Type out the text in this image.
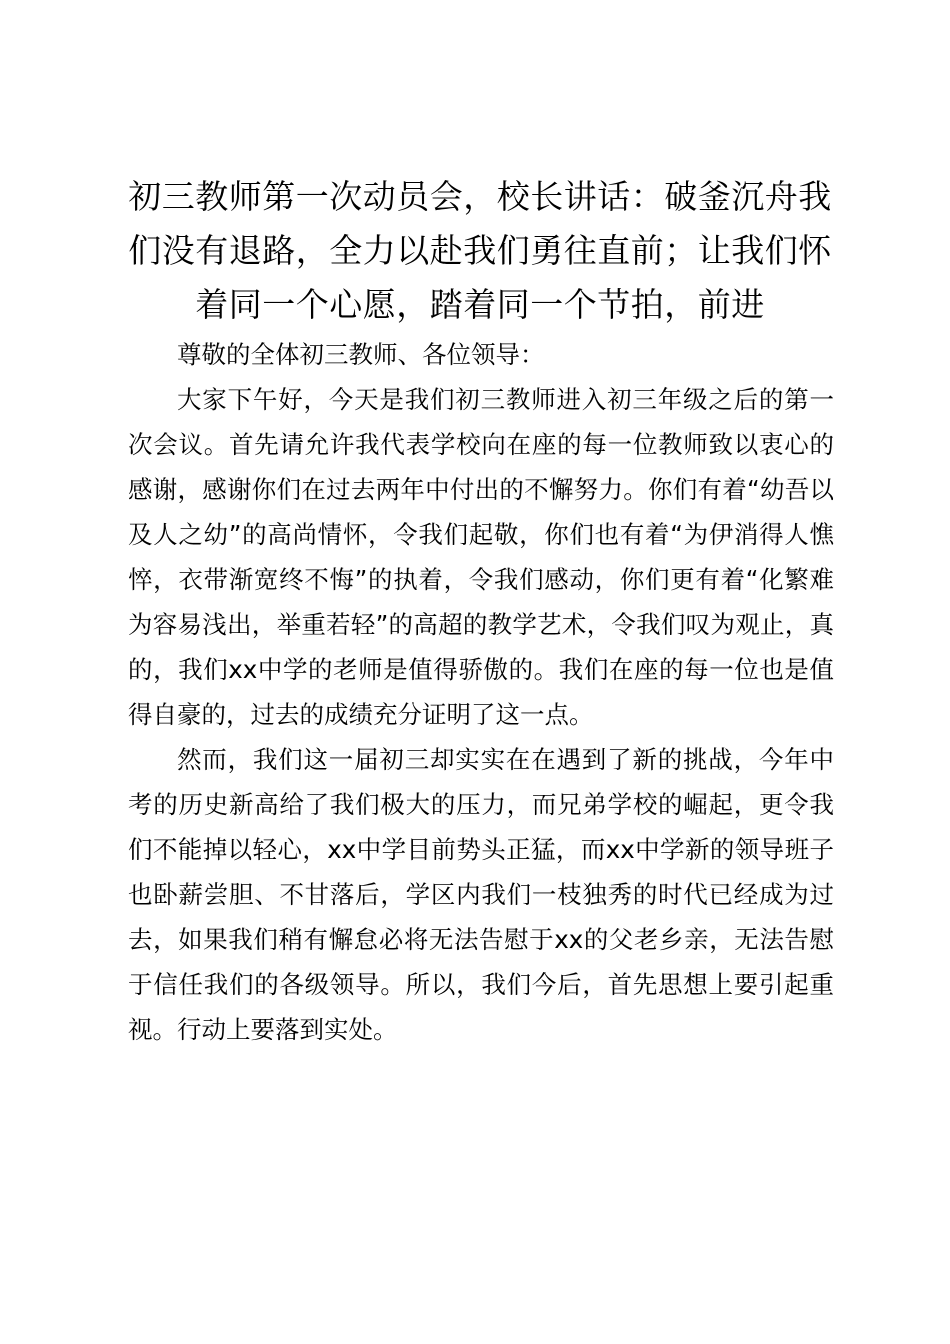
初三教师第一次动员会，校长讲话：破釜沉舟我们没有退路，全力以赴我们勇往直前；让我们怀着同一个心愿，踏着同一个节拍，前进

尊敬的全体初三教师、各位领导：

大家下午好，今天是我们初三教师进入初三年级之后的第一次会议。首先请允许我代表学校向在座的每一位教师致以衷心的感谢，感谢你们在过去两年中付出的不懈努力。你们有着“幼吾以及人之幼”的高尚情怀，令我们起敬，你们也有着“为伊消得人憔悴，衣带渐宽终不悔”的执着，令我们感动，你们更有着“化繁难为容易浅出，举重若轻”的高超的教学艺术，令我们叹为观止，真的，我们xx中学的老师是值得骄傲的。我们在座的每一位也是值得自豪的，过去的成绩充分证明了这一点。

然而，我们这一届初三却实实在在遇到了新的挑战，今年中考的历史新高给了我们极大的压力，而兄弟学校的崛起，更令我们不能掉以轻心，xx中学目前势头正猛，而xx中学新的领导班子也卧薪尝胆、不甘落后，学区内我们一枝独秀的时代已经成为过去，如果我们稍有懈怠必将无法告慰于xx的父老乡亲，无法告慰于信任我们的各级领导。所以，我们今后，首先思想上要引起重视。行动上要落到实处。
